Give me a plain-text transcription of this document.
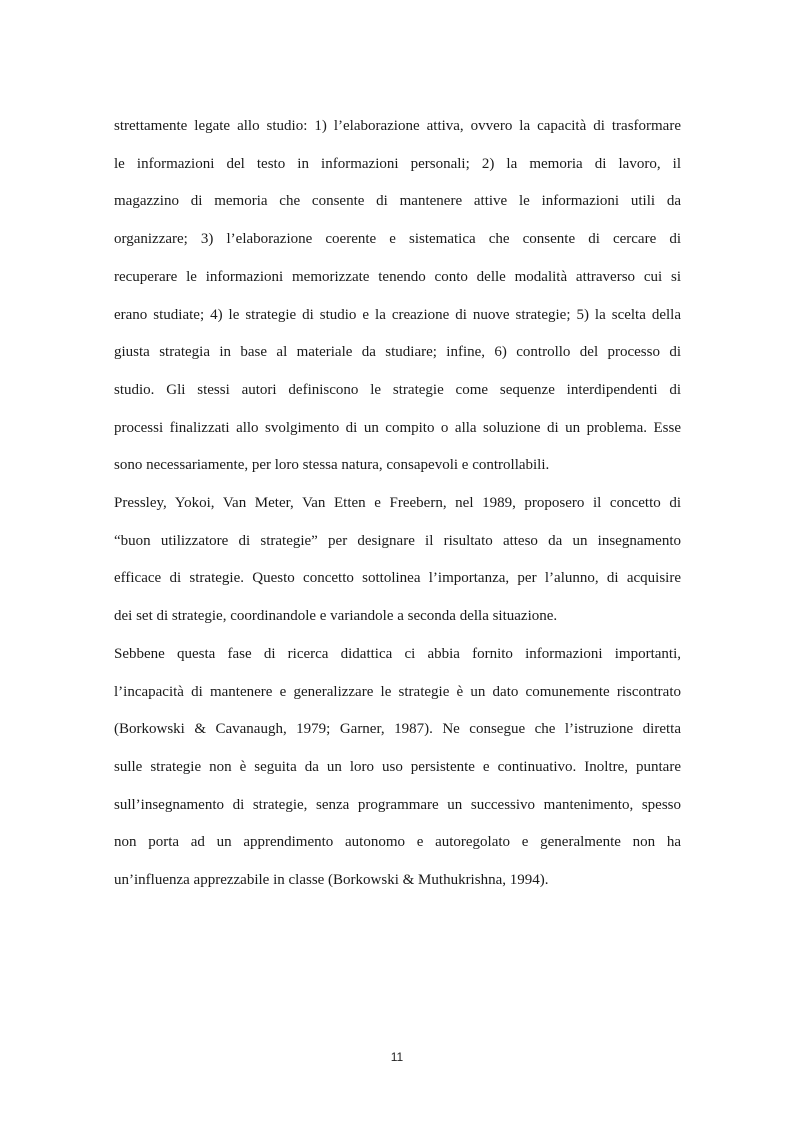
strettamente legate allo studio: 1) l’elaborazione attiva, ovvero la capacità di trasformare
le informazioni del testo in informazioni personali; 2) la memoria di lavoro, il
magazzino di memoria che consente di mantenere attive le informazioni utili da
organizzare; 3) l’elaborazione coerente e sistematica che consente di cercare di
recuperare le informazioni memorizzate tenendo conto delle modalità attraverso cui si
erano studiate; 4) le strategie di studio e la creazione di nuove strategie; 5) la scelta della
giusta strategia in base al materiale da studiare; infine, 6) controllo del processo di
studio. Gli stessi autori definiscono le strategie come sequenze interdipendenti di
processi finalizzati allo svolgimento di un compito o alla soluzione di un problema. Esse
sono necessariamente, per loro stessa natura, consapevoli e controllabili.
Pressley, Yokoi, Van Meter, Van Etten e Freebern, nel 1989, proposero il concetto di
“buon utilizzatore di strategie” per designare il risultato atteso da un insegnamento
efficace di strategie. Questo concetto sottolinea l’importanza, per l’alunno, di acquisire
dei set di strategie, coordinandole e variandole a seconda della situazione.
Sebbene questa fase di ricerca didattica ci abbia fornito informazioni importanti,
l’incapacità di mantenere e generalizzare le strategie è un dato comunemente riscontrato
(Borkowski & Cavanaugh, 1979; Garner, 1987). Ne consegue che l’istruzione diretta
sulle strategie non è seguita da un loro uso persistente e continuativo. Inoltre, puntare
sull’insegnamento di strategie, senza programmare un successivo mantenimento, spesso
non porta ad un apprendimento autonomo e autoregolato e generalmente non ha
un’influenza apprezzabile in classe (Borkowski & Muthukrishna, 1994).
11
